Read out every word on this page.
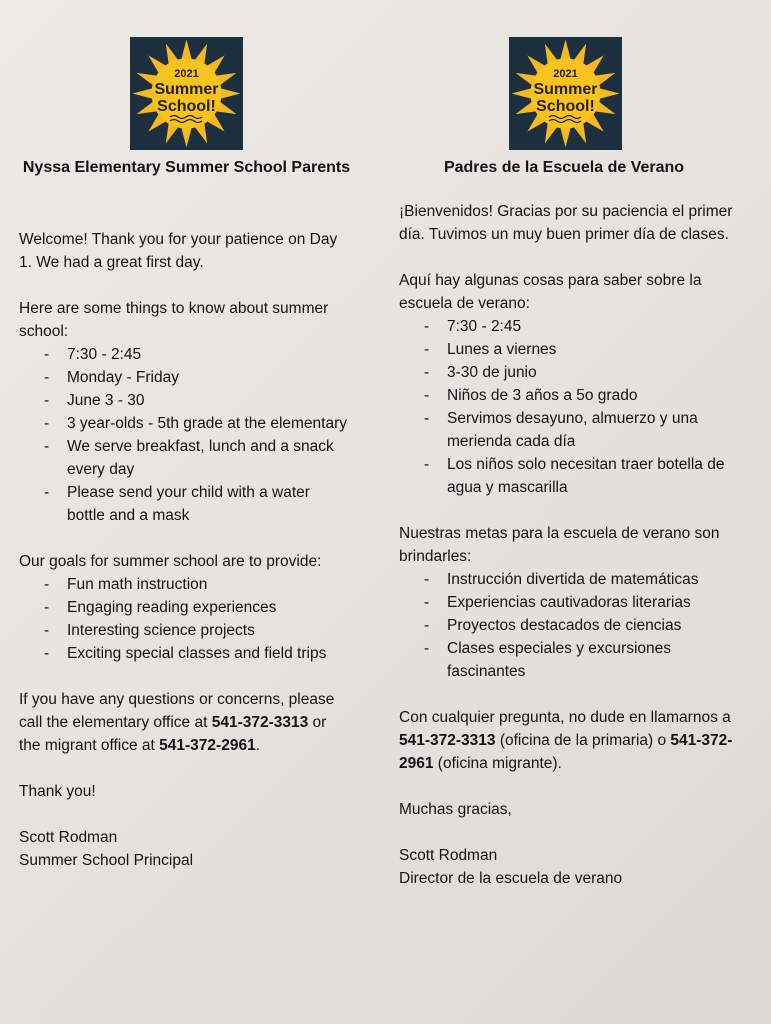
2021
Summer
School!
Nyssa Elementary Summer School Parents

Welcome! Thank you for your patience on Day 1. We had a great first day.

Here are some things to know about summer school:

- 7:30 - 2:45
- Monday - Friday
- June 3 - 30
- 3 year-olds - 5th grade at the elementary
- We serve breakfast, lunch and a snack every day
- Please send your child with a water bottle and a mask

Our goals for summer school are to provide:

- Fun math instruction
- Engaging reading experiences
- Interesting science projects
- Exciting special classes and field trips

If you have any questions or concerns, please call the elementary office at 541-372-3313 or the migrant office at 541-372-2961.

Thank you!

Scott Rodman

Summer School Principal

2021
Summer
School!
Padres de la Escuela de Verano

¡Bienvenidos! Gracias por su paciencia el primer día. Tuvimos un muy buen primer día de clases.

Aquí hay algunas cosas para saber sobre la escuela de verano:

- 7:30 - 2:45
- Lunes a viernes
- 3-30 de junio
- Niños de 3 años a 5o grado
- Servimos desayuno, almuerzo y una merienda cada día
- Los niños solo necesitan traer botella de agua y mascarilla

Nuestras metas para la escuela de verano son brindarles:

- Instrucción divertida de matemáticas
- Experiencias cautivadoras literarias
- Proyectos destacados de ciencias
- Clases especiales y excursiones fascinantes

Con cualquier pregunta, no dude en llamarnos a 541-372-3313 (oficina de la primaria) o 541-372-2961 (oficina migrante).

Muchas gracias,

Scott Rodman

Director de la escuela de verano
